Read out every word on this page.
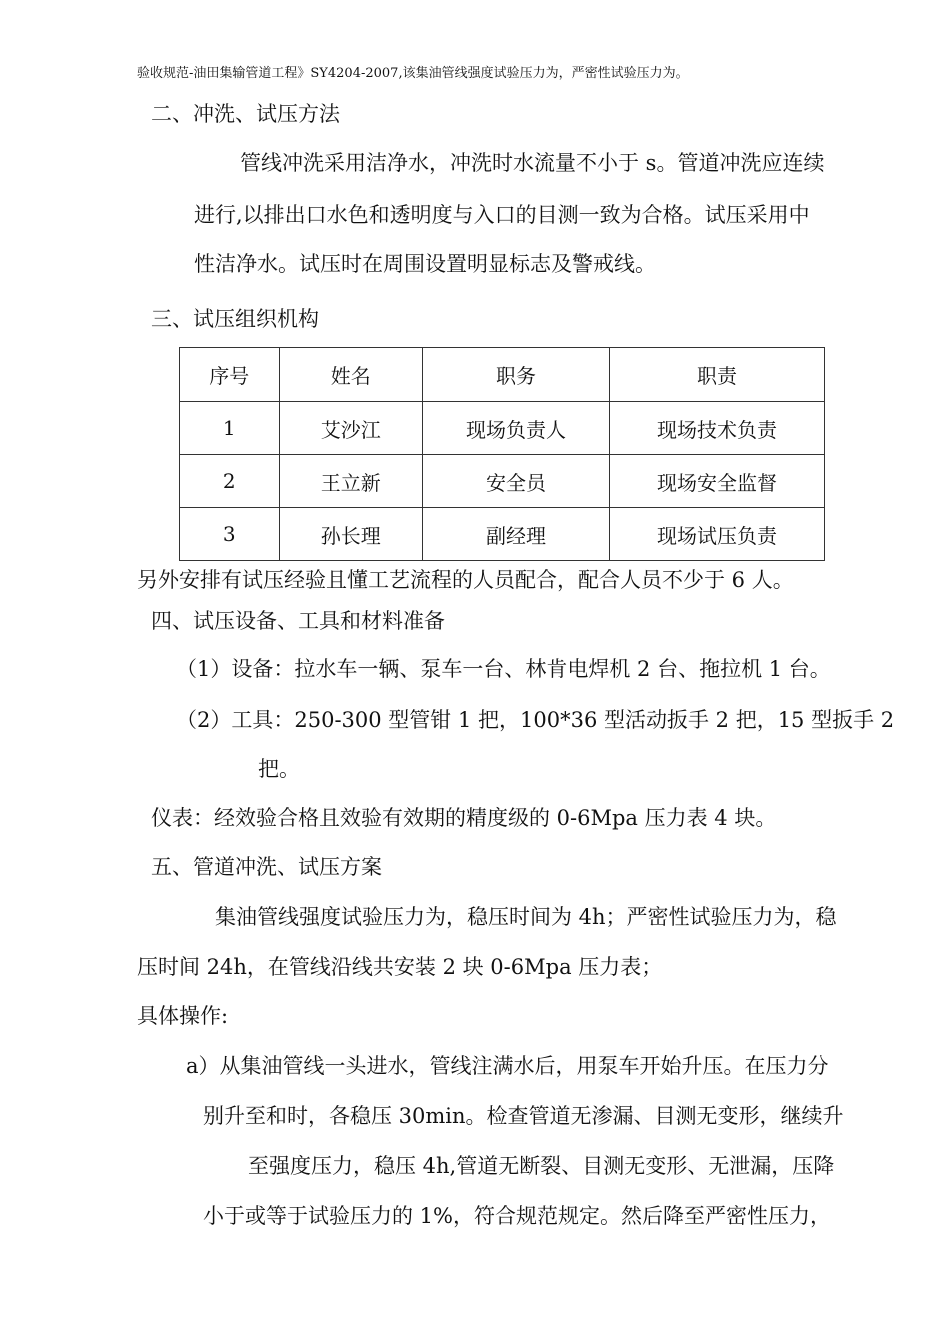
验收规范-油田集输管道工程》SY4204-2007,该集油管线强度试验压力为，严密性试验压力为。
二、冲洗、试压方法
管线冲洗采用洁净水，冲洗时水流量不小于 s。管道冲洗应连续
进行,以排出口水色和透明度与入口的目测一致为合格。试压采用中
性洁净水。试压时在周围设置明显标志及警戒线。
三、试压组织机构
序号	姓名	职务	职责
1	艾沙江	现场负责人	现场技术负责
2	王立新	安全员	现场安全监督
3	孙长理	副经理	现场试压负责
另外安排有试压经验且懂工艺流程的人员配合，配合人员不少于 6 人。
四、试压设备、工具和材料准备
（1）设备：拉水车一辆、泵车一台、林肯电焊机 2 台、拖拉机 1 台。
（2）工具：250-300 型管钳 1 把，100*36 型活动扳手 2 把，15 型扳手 2
把。
仪表：经效验合格且效验有效期的精度级的 0-6Mpa 压力表 4 块。
五、管道冲洗、试压方案
集油管线强度试验压力为，稳压时间为 4h；严密性试验压力为，稳
压时间 24h，在管线沿线共安装 2 块 0-6Mpa 压力表；
具体操作:
a）从集油管线一头进水，管线注满水后，用泵车开始升压。在压力分
别升至和时，各稳压 30min。检查管道无渗漏、目测无变形，继续升
至强度压力，稳压 4h,管道无断裂、目测无变形、无泄漏，压降
小于或等于试验压力的 1%，符合规范规定。然后降至严密性压力，
